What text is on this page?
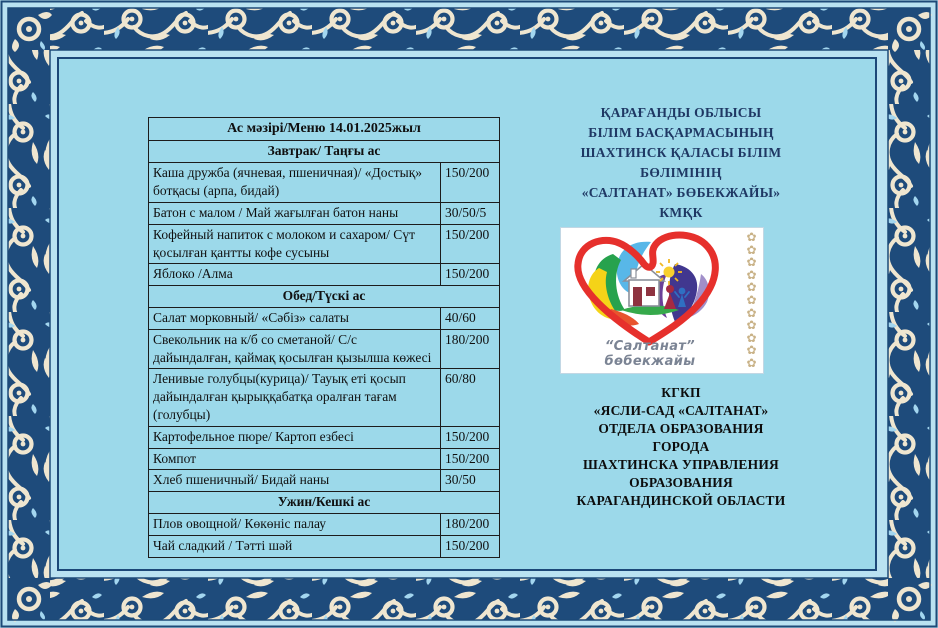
Ас мәзірі/Меню 14.01.2025жыл	
Завтрак/ Таңғы ас	
Каша дружба (ячневая, пшеничная)/ «Достық» ботқасы (арпа, бидай)	150/200
Батон с малом / Май жағылған батон наны	30/50/5
Кофейный напиток с молоком и сахаром/ Сүт қосылған қантты кофе сусыны	150/200
Яблоко /Алма	150/200
Обед/Түскі ас	
Салат морковный/ «Сәбіз» салаты	40/60
Свекольник на к/б со сметаной/ С/с дайындалған, қаймақ қосылған қызылша көжесі	180/200
Ленивые голубцы(курица)/ Тауық еті қосып дайындалған қырыққабатқа оралған тағам (голубцы)	60/80
Картофельное пюре/ Картоп езбесі	150/200
Компот	150/200
Хлеб пшеничный/ Бидай наны	30/50
Ужин/Кешкі ас	
Плов овощной/ Көкөніс палау	180/200
Чай сладкий / Тәтті шәй	150/200
ҚАРАҒАНДЫ ОБЛЫСЫ
БІЛІМ БАСҚАРМАСЫНЫҢ
ШАХТИНСК ҚАЛАСЫ БІЛІМ
БӨЛІМІНІҢ
«САЛТАНАТ» БӨБЕКЖАЙЫ»
КМҚК
✿
✿
✿
✿
✿
✿
✿
✿
✿
✿
✿
“Салтанат” бөбекжайы
КГКП
«ЯСЛИ-САД «САЛТАНАТ»
ОТДЕЛА ОБРАЗОВАНИЯ
ГОРОДА
ШАХТИНСКА УПРАВЛЕНИЯ
ОБРАЗОВАНИЯ
КАРАГАНДИНСКОЙ ОБЛАСТИ
